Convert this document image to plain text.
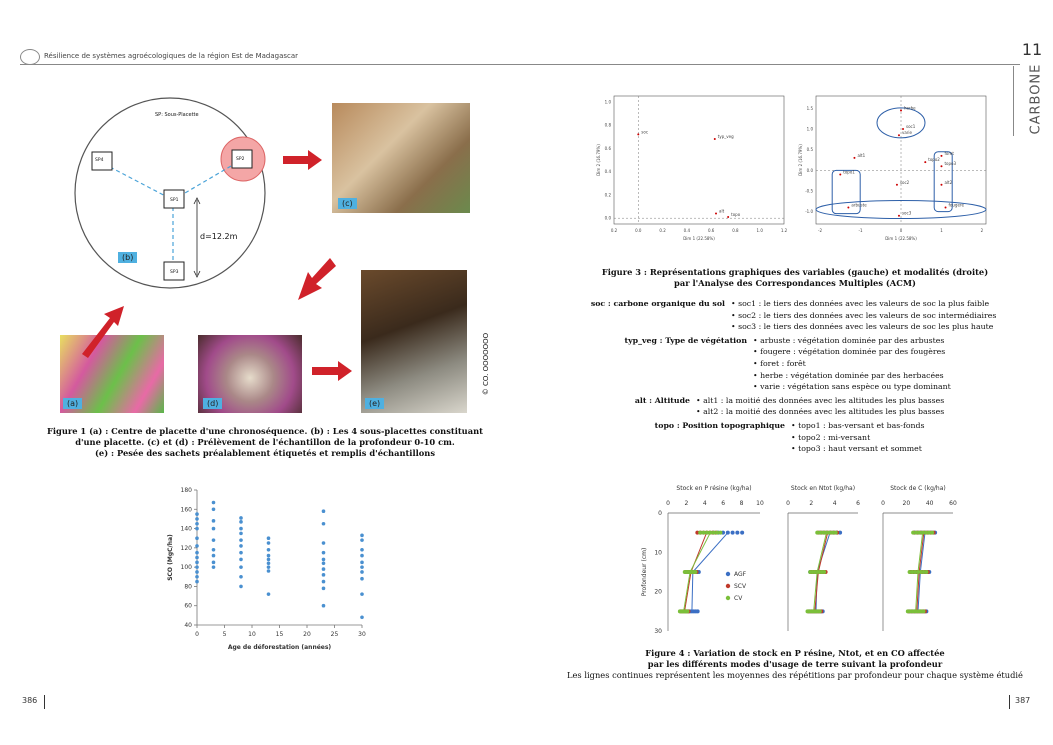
Résilience de systèmes agroécologiques de la région Est de Madagascar	11
CARBONE
SP: Sous-Placette
SP4	SP2
SP1
SP3
d=12.2m
(b)
(c)
(a)	(d)	(e)
© CO. OOOOOOO
Figure 1 (a) : Centre de placette d'une chronoséquence. (b) : Les 4 sous-placettes constituant
d'une placette. (c) et (d) : Prélèvement de l'échantillon de la profondeur 0-10 cm.
(e) : Pesée des sachets préalablement étiquetés et remplis d'échantillons
180
160
140
120
100
80
60
40
0	5	10	15	20	25	30
Age de déforestation (années)
SCO (MgC/ha)
0.2	0.0	0.2	0.4	0.6	0.8	1.0	1.2
1.0
0.8
0.6
0.4
0.2
0.0
Dim 1 (22.58%)
Dim 2 (16.79%)
soc
typ_veg
alt
topo
-2	-1	0	1	2
1.5
1.0
0.5
0.0
-0.5
-1.0
Dim 1 (22.58%)
Dim 2 (16.79%)
herbe
soc1
varie
alt1
topo2
foret
topo3
topo1
soc2	alt2
arbuste	fougere
soc3
Figure 3 : Représentations graphiques des variables (gauche) et modalités (droite)
par l'Analyse des Correspondances Multiples (ACM)
soc : carbone organique du sol • soc1 : le tiers des données avec les valeurs de soc la plus faible
• soc2 : le tiers des données avec les valeurs de soc intermédiaires
• soc3 : le tiers des données avec les valeurs de soc les plus haute
typ_veg : Type de végétation • arbuste : végétation dominée par des arbustes
• fougere : végétation dominée par des fougères
• foret : forêt
• herbe : végétation dominée par des herbacées
• varie : végétation sans espèce ou type dominant
alt : Altitude • alt1 : la moitié des données avec les altitudes les plus basses
• alt2 : la moitié des données avec les altitudes les plus basses
topo : Position topographique • topo1 : bas-versant et bas-fonds
• topo2 : mi-versant
• topo3 : haut versant et sommet
Stock en P résine (kg/ha)
0 2 4 6 8 10
0
10
20
30
Profondeur (cm)
Stock en Ntot (kg/ha)
0	2	4	6
Stock de C (kg/ha)
0	20	40	60
AGF
SCV
CV
Figure 4 : Variation de stock en P résine, Ntot, et en CO affectée
par les différents modes d'usage de terre suivant la profondeur
Les lignes continues représentent les moyennes des répétitions par profondeur pour chaque système étudié
386	387
